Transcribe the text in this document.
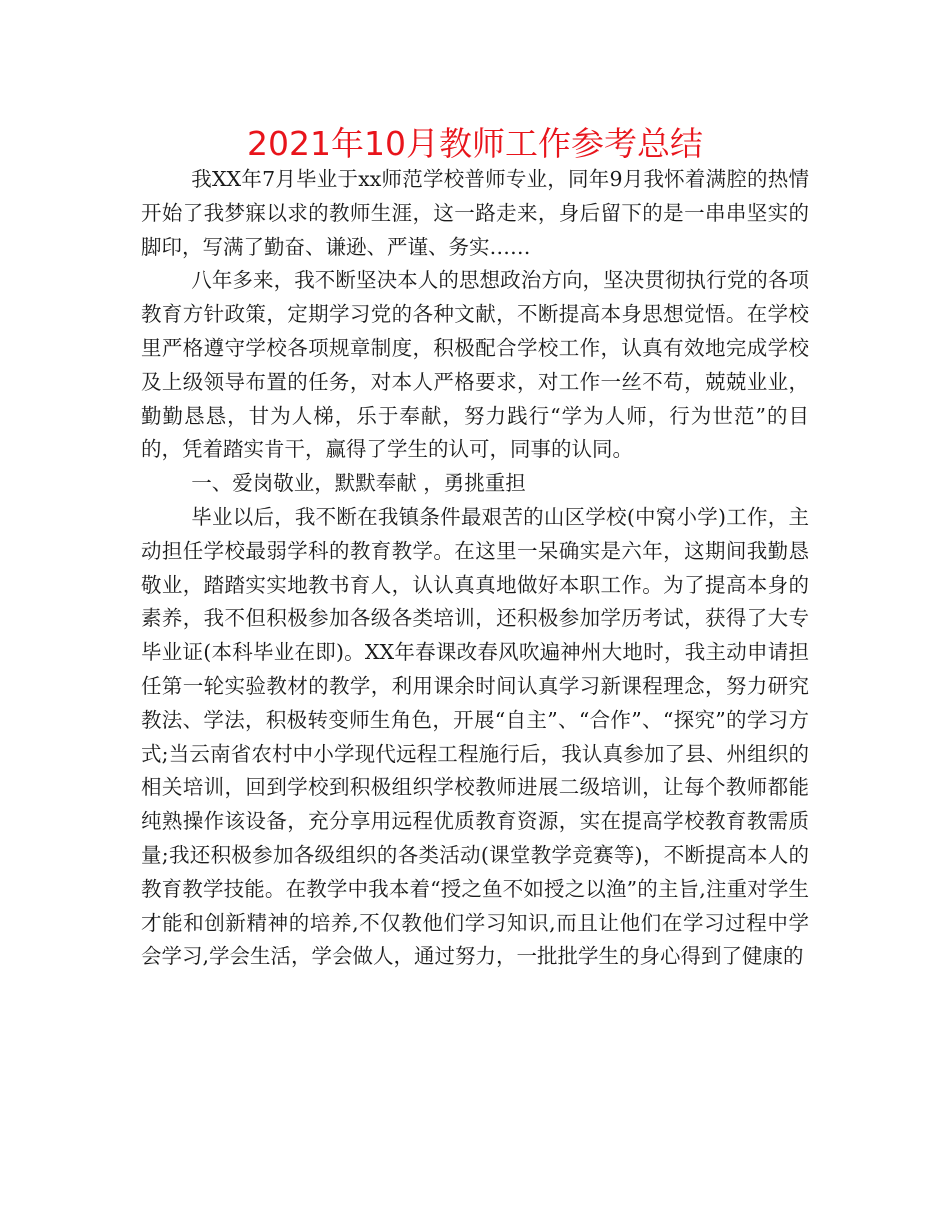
2021年10月教师工作参考总结

我XX年7月毕业于xx师范学校普师专业，同年9月我怀着满腔的热情开始了我梦寐以求的教师生涯，这一路走来，身后留下的是一串串坚实的脚印，写满了勤奋、谦逊、严谨、务实……

八年多来，我不断坚决本人的思想政治方向，坚决贯彻执行党的各项教育方针政策，定期学习党的各种文献，不断提高本身思想觉悟。在学校里严格遵守学校各项规章制度，积极配合学校工作，认真有效地完成学校及上级领导布置的任务，对本人严格要求，对工作一丝不苟，兢兢业业，勤勤恳恳，甘为人梯，乐于奉献，努力践行“学为人师，行为世范”的目的，凭着踏实肯干，赢得了学生的认可，同事的认同。

一、爱岗敬业，默默奉献 ，勇挑重担

毕业以后，我不断在我镇条件最艰苦的山区学校(中窝小学)工作，主动担任学校最弱学科的教育教学。在这里一呆确实是六年，这期间我勤恳敬业，踏踏实实地教书育人，认认真真地做好本职工作。为了提高本身的素养，我不但积极参加各级各类培训，还积极参加学历考试，获得了大专毕业证(本科毕业在即)。XX年春课改春风吹遍神州大地时，我主动申请担任第一轮实验教材的教学，利用课余时间认真学习新课程理念，努力研究教法、学法，积极转变师生角色，开展“自主”、“合作”、“探究”的学习方式;当云南省农村中小学现代远程工程施行后，我认真参加了县、州组织的相关培训，回到学校到积极组织学校教师进展二级培训，让每个教师都能纯熟操作该设备，充分享用远程优质教育资源，实在提高学校教育教需质量;我还积极参加各级组织的各类活动(课堂教学竞赛等)，不断提高本人的教育教学技能。在教学中我本着“授之鱼不如授之以渔”的主旨,注重对学生才能和创新精神的培养,不仅教他们学习知识,而且让他们在学习过程中学会学习,学会生活，学会做人，通过努力，一批批学生的身心得到了健康的
